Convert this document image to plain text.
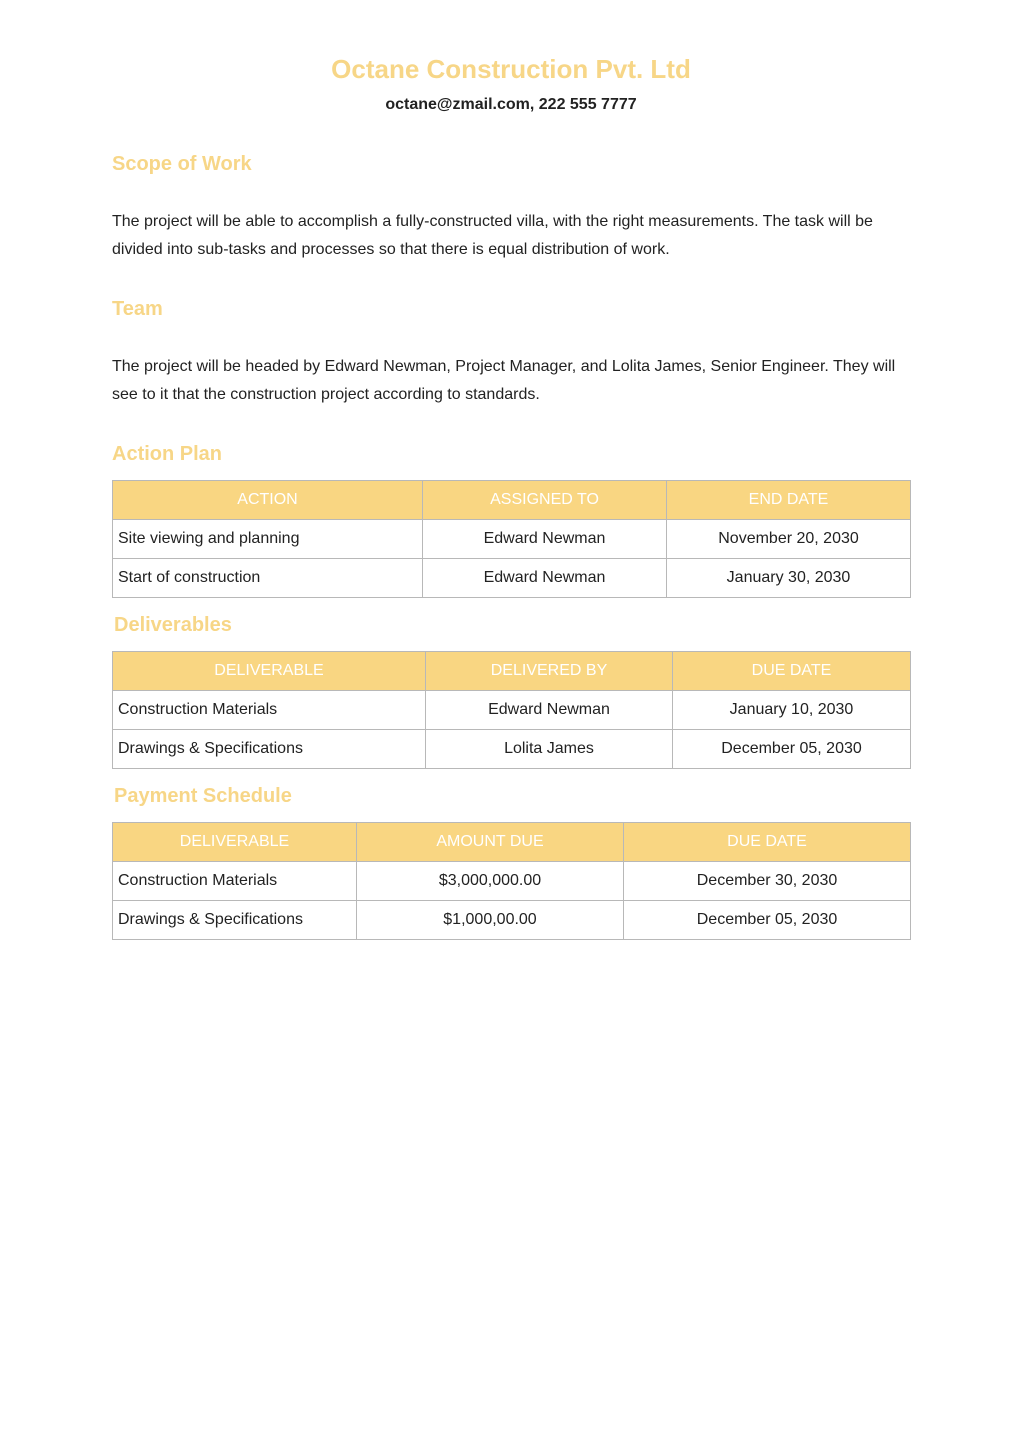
Octane Construction Pvt. Ltd
octane@zmail.com, 222 555 7777
Scope of Work
The project will be able to accomplish a fully-constructed villa, with the right measurements. The task will be divided into sub-tasks and processes so that there is equal distribution of work.
Team
The project will be headed by Edward Newman, Project Manager, and Lolita James, Senior Engineer. They will see to it that the construction project according to standards.
Action Plan
ACTION	ASSIGNED TO	END DATE
Site viewing and planning	Edward Newman	November 20, 2030
Start of construction	Edward Newman	January 30, 2030
Deliverables
DELIVERABLE	DELIVERED BY	DUE DATE
Construction Materials	Edward Newman	January 10, 2030
Drawings & Specifications	Lolita James	December 05, 2030
Payment Schedule
DELIVERABLE	AMOUNT DUE	DUE DATE
Construction Materials	$3,000,000.00	December 30, 2030
Drawings & Specifications	$1,000,00.00	December 05, 2030
